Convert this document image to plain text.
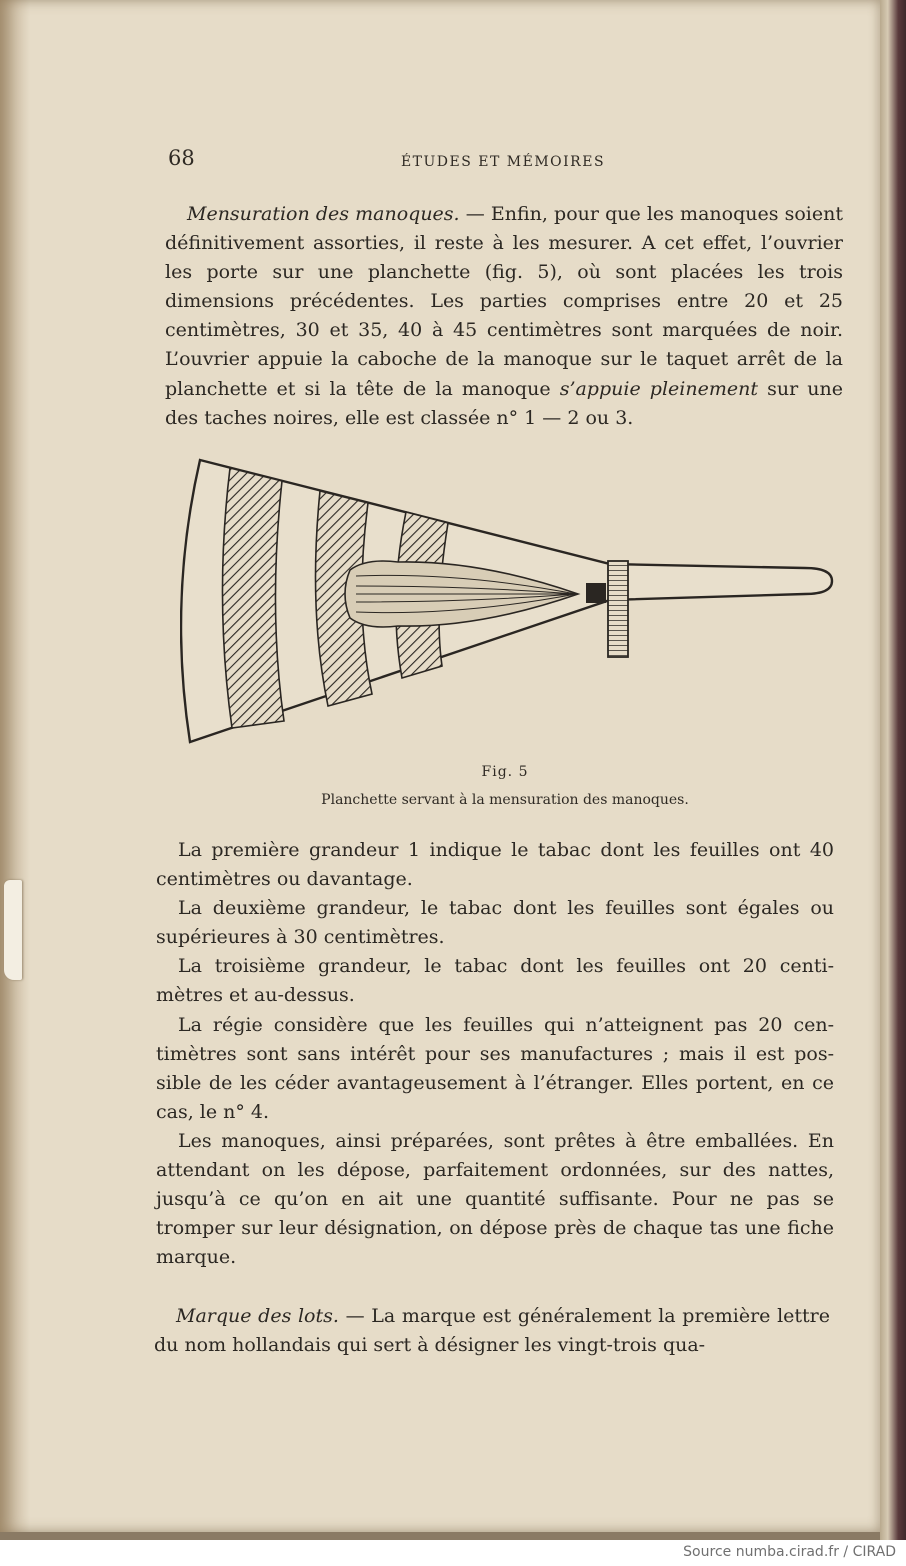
68	ÉTUDES ET MÉMOIRES

Mensuration des manoques. — Enfin, pour que les manoques soient définitivement assorties, il reste à les mesurer. A cet effet, l’ouvrier les porte sur une planchette (fig. 5), où sont placées les trois dimensions précédentes. Les parties comprises entre 20 et 25 centimètres, 30 et 35, 40 à 45 centimètres sont marquées de noir. L’ouvrier appuie la caboche de la manoque sur le taquet arrêt de la planchette et si la tête de la manoque s’appuie pleinement sur une des taches noires, elle est classée n° 1 — 2 ou 3.

Fig. 5
Planchette servant à la mensuration des manoques.

La première grandeur 1 indique le tabac dont les feuilles ont 40 centimètres ou davantage.

La deuxième grandeur, le tabac dont les feuilles sont égales ou supérieures à 30 centimètres.

La troisième grandeur, le tabac dont les feuilles ont 20 centi- mètres et au-dessus.

La régie considère que les feuilles qui n’atteignent pas 20 cen- timètres sont sans intérêt pour ses manufactures ; mais il est pos- sible de les céder avantageusement à l’étranger. Elles portent, en ce cas, le n° 4.

Les manoques, ainsi préparées, sont prêtes à être emballées. En attendant on les dépose, parfaitement ordonnées, sur des nattes, jusqu’à ce qu’on en ait une quantité suffisante. Pour ne pas se tromper sur leur désignation, on dépose près de chaque tas une fiche marque.

Marque des lots. — La marque est généralement la première lettre du nom hollandais qui sert à désigner les vingt-trois qua-

Source numba.cirad.fr / CIRAD
